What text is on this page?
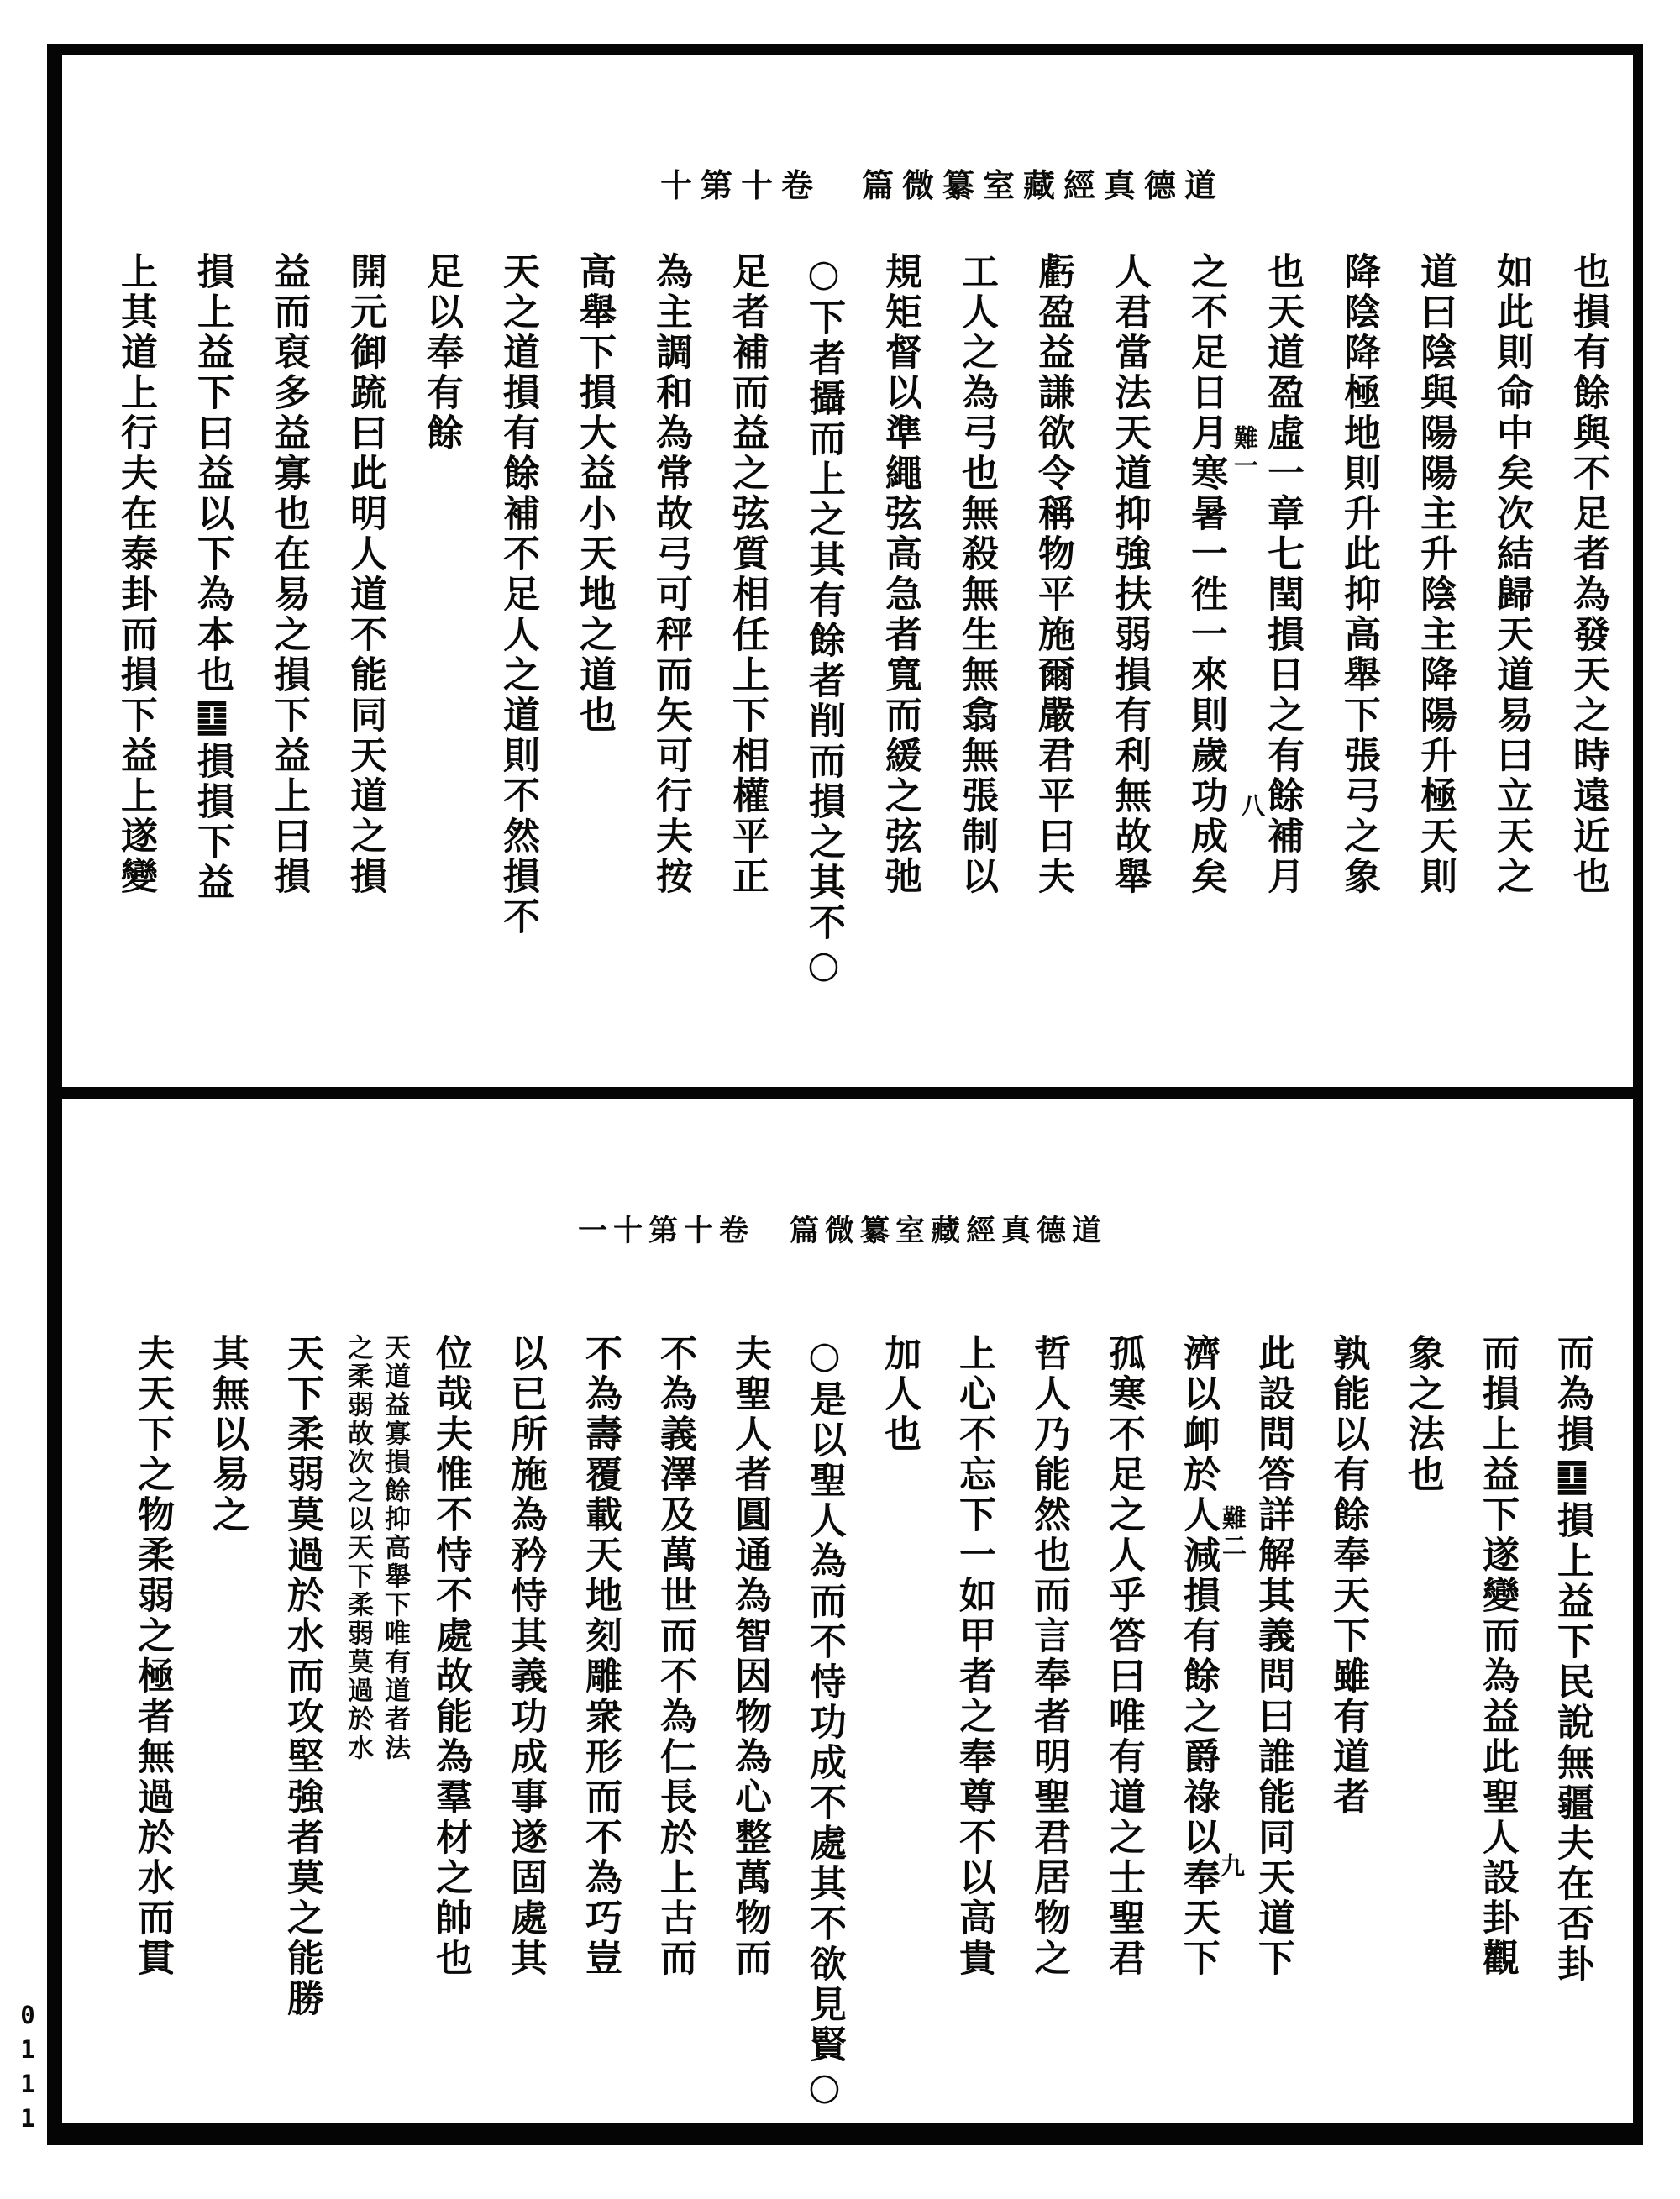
十第十卷　篇微纂室藏經真德道
也損有餘與不足者為發天之時遠近也
如此則命中矣次結歸天道易曰立天之
道曰陰與陽陽主升陰主降陽升極天則
降陰降極地則升此抑高舉下張弓之象
也天道盈虛一章七閏損日之有餘補月
之不足日月寒暑一徃一來則歲功成矣
人君當法天道抑強扶弱損有利無故舉
虧盈益謙欲令稱物平施爾嚴君平曰夫
工人之為弓也無殺無生無翕無張制以
規矩督以準繩弦高急者寬而緩之弦弛
○下者攝而上之其有餘者削而損之其不○
足者補而益之弦質相任上下相權平正
為主調和為常故弓可秤而矢可行夫按
高舉下損大益小天地之道也
天之道損有餘補不足人之道則不然損不
足以奉有餘
開元御䟽曰此明人道不能同天道之損
益而裒多益寡也在易之損下益上曰損
損上益下曰益以下為本也䷨損損下益
上其道上行夫在泰卦而損下益上遂變	難一
八
一十第十卷　篇微纂室藏經真德道
而為損䷨損上益下民說無疆夫在否卦
而損上益下遂變而為益此聖人設卦觀
象之法也
孰能以有餘奉天下雖有道者
此設問答詳解其義問曰誰能同天道下
濟以卹於人減損有餘之爵祿以奉天下
孤寒不足之人乎答曰唯有道之士聖君
哲人乃能然也而言奉者明聖君居物之
上心不忘下一如甲者之奉尊不以高貴
加人也
○是以聖人為而不恃功成不處其不欲見賢○
夫聖人者圓通為智因物為心整萬物而
不為義澤及萬世而不為仁長於上古而
不為壽覆載天地刻雕衆形而不為巧豈
以已所施為矜恃其義功成事遂固處其
位哉夫惟不恃不處故能為羣材之帥也
天道益寡損餘抑高舉下唯有道者法
之柔弱故次之以天下柔弱莫過於水
天下柔弱莫過於水而攻堅強者莫之能勝
其無以易之
夫天下之物柔弱之極者無過於水而貫	難二
九
0111
